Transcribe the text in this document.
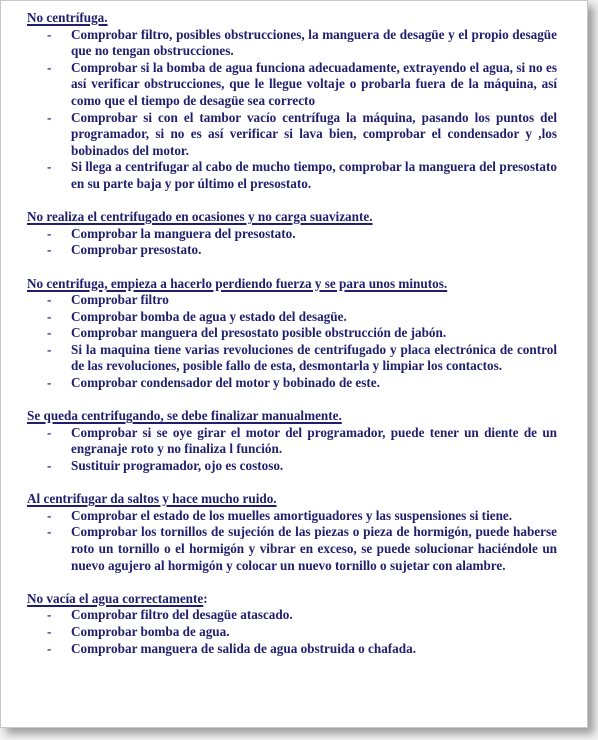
No centrífuga.
- Comprobar filtro, posibles obstrucciones, la manguera de desagüe y el propio desagüe que no tengan obstrucciones.
- Comprobar si la bomba de agua funciona adecuadamente, extrayendo el agua, si no es así verificar obstrucciones, que le llegue voltaje o probarla fuera de la máquina, así como que el tiempo de desagüe sea correcto
- Comprobar si con el tambor vacío centrífuga la máquina, pasando los puntos del programador, si no es así verificar si lava bien, comprobar el condensador y ,los bobinados del motor.
- Si llega a centrifugar al cabo de mucho tiempo, comprobar la manguera del presostato en su parte baja y por último el presostato.
No realiza el centrifugado en ocasiones y no carga suavizante.
- Comprobar la manguera del presostato.
- Comprobar presostato.
No centrifuga, empieza a hacerlo perdiendo fuerza y se para unos minutos.
- Comprobar filtro
- Comprobar bomba de agua y estado del desagüe.
- Comprobar manguera del presostato posible obstrucción de jabón.
- Si la maquina tiene varias revoluciones de centrifugado y placa electrónica de control de las revoluciones, posible fallo de esta, desmontarla y limpiar los contactos.
- Comprobar condensador del motor y bobinado de este.
Se queda centrifugando, se debe finalizar manualmente.
- Comprobar si se oye girar el motor del programador, puede tener un diente de un engranaje roto y no finaliza l función.
- Sustituir programador, ojo es costoso.
Al centrifugar da saltos y hace mucho ruido.
- Comprobar el estado de los muelles amortiguadores y las suspensiones si tiene.
- Comprobar los tornillos de sujeción de las piezas o pieza de hormigón, puede haberse roto un tornillo o el hormigón y vibrar en exceso, se puede solucionar haciéndole un nuevo agujero al hormigón y colocar un nuevo tornillo o sujetar con alambre.
No vacía el agua correctamente:
- Comprobar filtro del desagüe atascado.
- Comprobar bomba de agua.
- Comprobar manguera de salida de agua obstruida o chafada.
